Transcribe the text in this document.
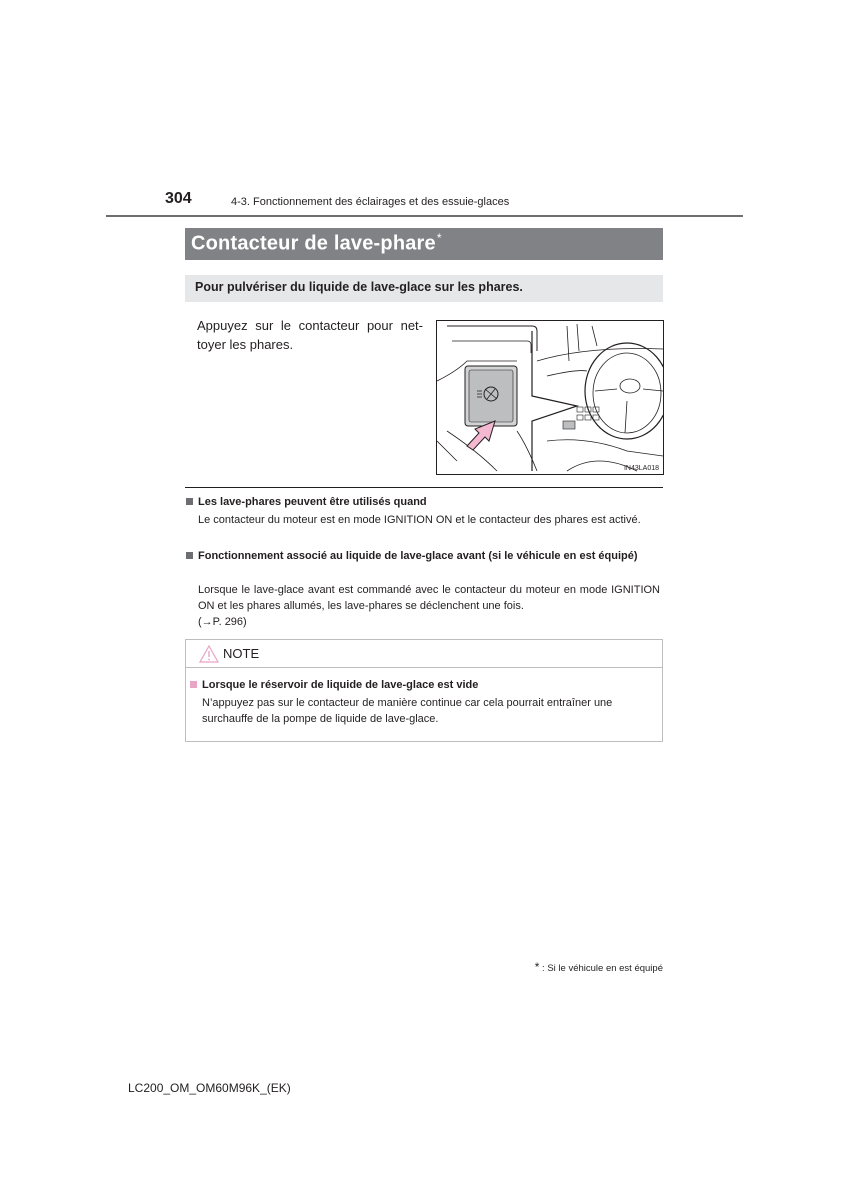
304	4-3. Fonctionnement des éclairages et des essuie-glaces
Contacteur de lave-phare*
Pour pulvériser du liquide de lave-glace sur les phares.
Appuyez sur le contacteur pour net-toyer les phares.
IN43LA018
Les lave-phares peuvent être utilisés quand
Le contacteur du moteur est en mode IGNITION ON et le contacteur des phares est activé.
Fonctionnement associé au liquide de lave-glace avant (si le véhicule en est équipé)
Lorsque le lave-glace avant est commandé avec le contacteur du moteur en mode IGNITION ON et les phares allumés, les lave-phares se déclenchent une fois.
(→P. 296)
NOTE
Lorsque le réservoir de liquide de lave-glace est vide
N’appuyez pas sur le contacteur de manière continue car cela pourrait entraîner une surchauffe de la pompe de liquide de lave-glace.
* : Si le véhicule en est équipé
LC200_OM_OM60M96K_(EK)
